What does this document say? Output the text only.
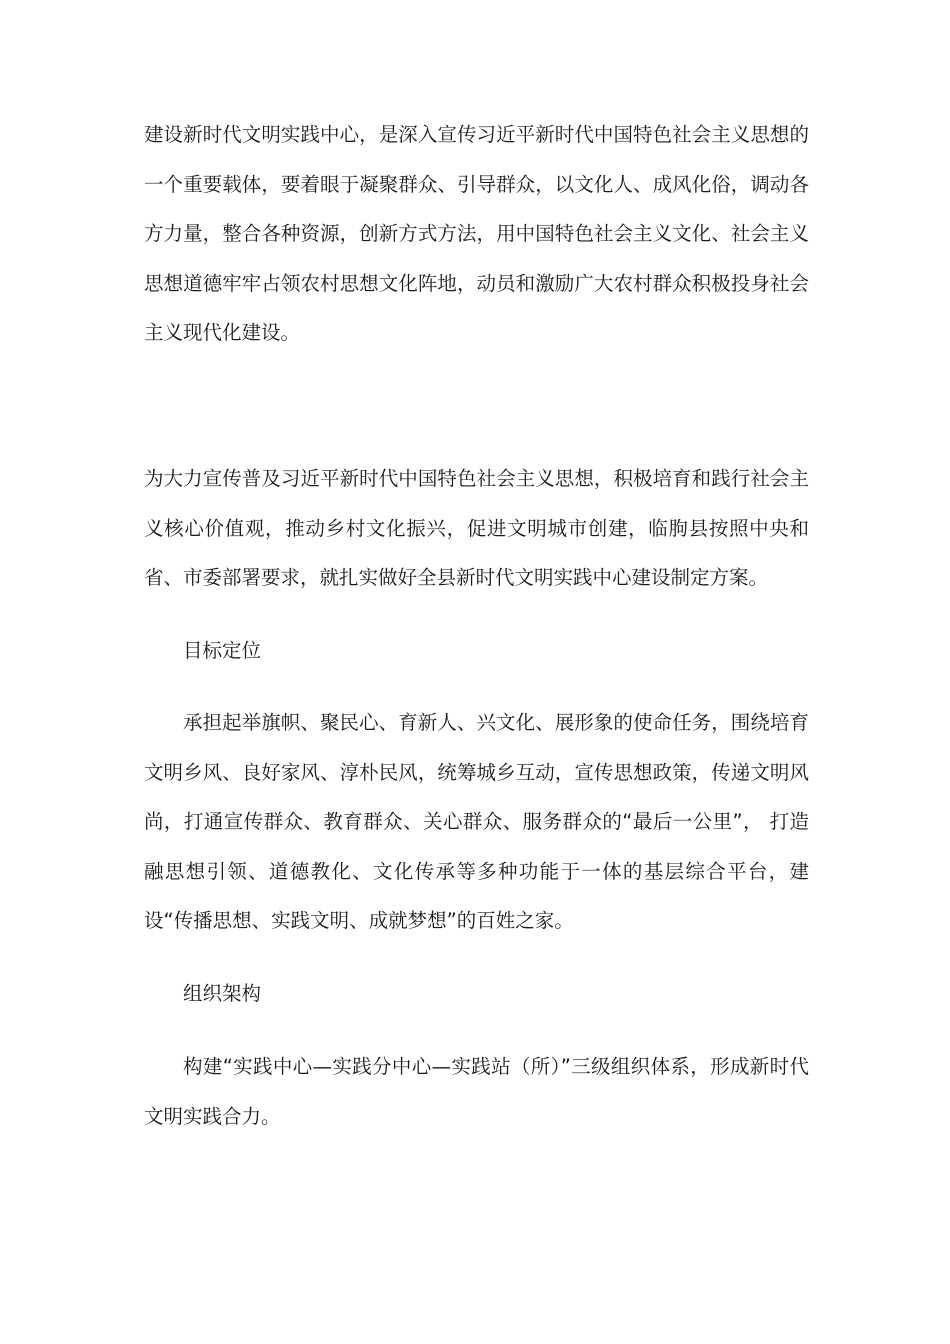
建设新时代文明实践中心，是深入宣传习近平新时代中国特色社会主义思想的一个重要载体，要着眼于凝聚群众、引导群众，以文化人、成风化俗，调动各方力量，整合各种资源，创新方式方法，用中国特色社会主义文化、社会主义思想道德牢牢占领农村思想文化阵地，动员和激励广大农村群众积极投身社会主义现代化建设。

为大力宣传普及习近平新时代中国特色社会主义思想，积极培育和践行社会主义核心价值观，推动乡村文化振兴，促进文明城市创建，临朐县按照中央和省、市委部署要求，就扎实做好全县新时代文明实践中心建设制定方案。

目标定位

承担起举旗帜、聚民心、育新人、兴文化、展形象的使命任务，围绕培育文明乡风、良好家风、淳朴民风，统筹城乡互动，宣传思想政策，传递文明风尚，打通宣传群众、教育群众、关心群众、服务群众的“最后一公里”， 打造融思想引领、道德教化、文化传承等多种功能于一体的基层综合平台，建设“传播思想、实践文明、成就梦想”的百姓之家。

组织架构

构建“实践中心—实践分中心—实践站（所）”三级组织体系，形成新时代文明实践合力。
